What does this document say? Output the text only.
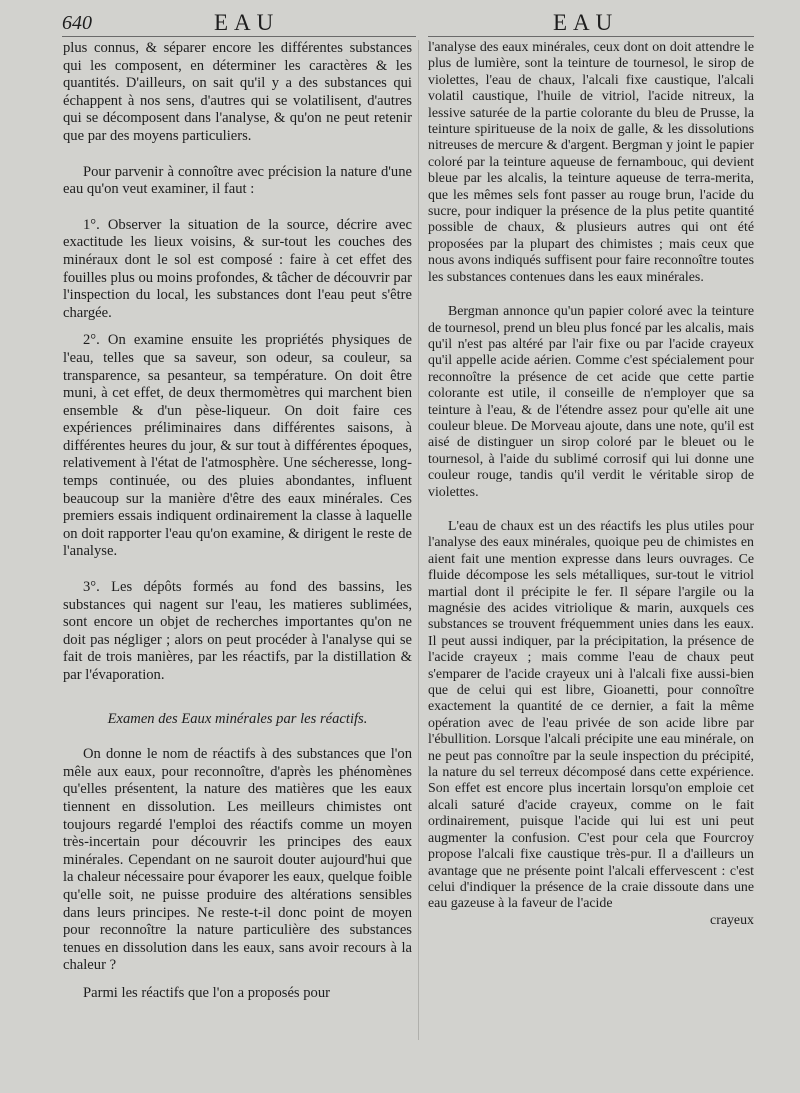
640	EAU	EAU

plus connus, & séparer encore les différentes substances qui les composent, en déterminer les caractères & les quantités. D'ailleurs, on sait qu'il y a des substances qui échappent à nos sens, d'autres qui se volatilisent, d'autres qui se décomposent dans l'analyse, & qu'on ne peut retenir que par des moyens particuliers.

Pour parvenir à connoître avec précision la nature d'une eau qu'on veut examiner, il faut :

1°. Observer la situation de la source, décrire avec exactitude les lieux voisins, & sur-tout les couches des minéraux dont le sol est composé : faire à cet effet des fouilles plus ou moins profondes, & tâcher de découvrir par l'inspection du local, les substances dont l'eau peut s'être chargée.

2°. On examine ensuite les propriétés physiques de l'eau, telles que sa saveur, son odeur, sa couleur, sa transparence, sa pesanteur, sa température. On doit être muni, à cet effet, de deux thermomètres qui marchent bien ensemble & d'un pèse-liqueur. On doit faire ces expériences préliminaires dans différentes saisons, à différentes heures du jour, & sur tout à différentes époques, relativement à l'état de l'atmosphère. Une sécheresse, long-temps continuée, ou des pluies abondantes, influent beaucoup sur la manière d'être des eaux minérales. Ces premiers essais indiquent ordinairement la classe à laquelle on doit rapporter l'eau qu'on examine, & dirigent le reste de l'analyse.

3°. Les dépôts formés au fond des bassins, les substances qui nagent sur l'eau, les matieres sublimées, sont encore un objet de recherches importantes qu'on ne doit pas négliger ; alors on peut procéder à l'analyse qui se fait de trois manières, par les réactifs, par la distillation & par l'évaporation.

Examen des Eaux minérales par les réactifs.

On donne le nom de réactifs à des substances que l'on mêle aux eaux, pour reconnoître, d'après les phénomènes qu'elles présentent, la nature des matières que les eaux tiennent en dissolution. Les meilleurs chimistes ont toujours regardé l'emploi des réactifs comme un moyen très-incertain pour découvrir les principes des eaux minérales. Cependant on ne sauroit douter aujourd'hui que la chaleur nécessaire pour évaporer les eaux, quelque foible qu'elle soit, ne puisse produire des altérations sensibles dans leurs principes. Ne reste-t-il donc point de moyen pour reconnoître la nature particulière des substances tenues en dissolution dans les eaux, sans avoir recours à la chaleur ?

Parmi les réactifs que l'on a proposés pour

l'analyse des eaux minérales, ceux dont on doit attendre le plus de lumière, sont la teinture de tournesol, le sirop de violettes, l'eau de chaux, l'alcali fixe caustique, l'alcali volatil caustique, l'huile de vitriol, l'acide nitreux, la lessive saturée de la partie colorante du bleu de Prusse, la teinture spiritueuse de la noix de galle, & les dissolutions nitreuses de mercure & d'argent. Bergman y joint le papier coloré par la teinture aqueuse de fernambouc, qui devient bleue par les alcalis, la teinture aqueuse de terra-merita, que les mêmes sels font passer au rouge brun, l'acide du sucre, pour indiquer la présence de la plus petite quantité possible de chaux, & plusieurs autres qui ont été proposées par la plupart des chimistes ; mais ceux que nous avons indiqués suffisent pour faire reconnoître toutes les substances contenues dans les eaux minérales.

Bergman annonce qu'un papier coloré avec la teinture de tournesol, prend un bleu plus foncé par les alcalis, mais qu'il n'est pas altéré par l'air fixe ou par l'acide crayeux qu'il appelle acide aérien. Comme c'est spécialement pour reconnoître la présence de cet acide que cette partie colorante est utile, il conseille de n'employer que sa teinture à l'eau, & de l'étendre assez pour qu'elle ait une couleur bleue. De Morveau ajoute, dans une note, qu'il est aisé de distinguer un sirop coloré par le bleuet ou le tournesol, à l'aide du sublimé corrosif qui lui donne une couleur rouge, tandis qu'il verdit le véritable sirop de violettes.

L'eau de chaux est un des réactifs les plus utiles pour l'analyse des eaux minérales, quoique peu de chimistes en aient fait une mention expresse dans leurs ouvrages. Ce fluide décompose les sels métalliques, sur-tout le vitriol martial dont il précipite le fer. Il sépare l'argile ou la magnésie des acides vitriolique & marin, auxquels ces substances se trouvent fréquemment unies dans les eaux. Il peut aussi indiquer, par la précipitation, la présence de l'acide crayeux ; mais comme l'eau de chaux peut s'emparer de l'acide crayeux uni à l'alcali fixe aussi-bien que de celui qui est libre, Gioanetti, pour connoître exactement la quantité de ce dernier, a fait la même opération avec de l'eau privée de son acide libre par l'ébullition. Lorsque l'alcali précipite une eau minérale, on ne peut pas connoître par la seule inspection du précipité, la nature du sel terreux décomposé dans cette expérience. Son effet est encore plus incertain lorsqu'on emploie cet alcali saturé d'acide crayeux, comme on le fait ordinairement, puisque l'acide qui lui est uni peut augmenter la confusion. C'est pour cela que Fourcroy propose l'alcali fixe caustique très-pur. Il a d'ailleurs un avantage que ne présente point l'alcali effervescent : c'est celui d'indiquer la présence de la craie dissoute dans une eau gazeuse à la faveur de l'acide

crayeux
